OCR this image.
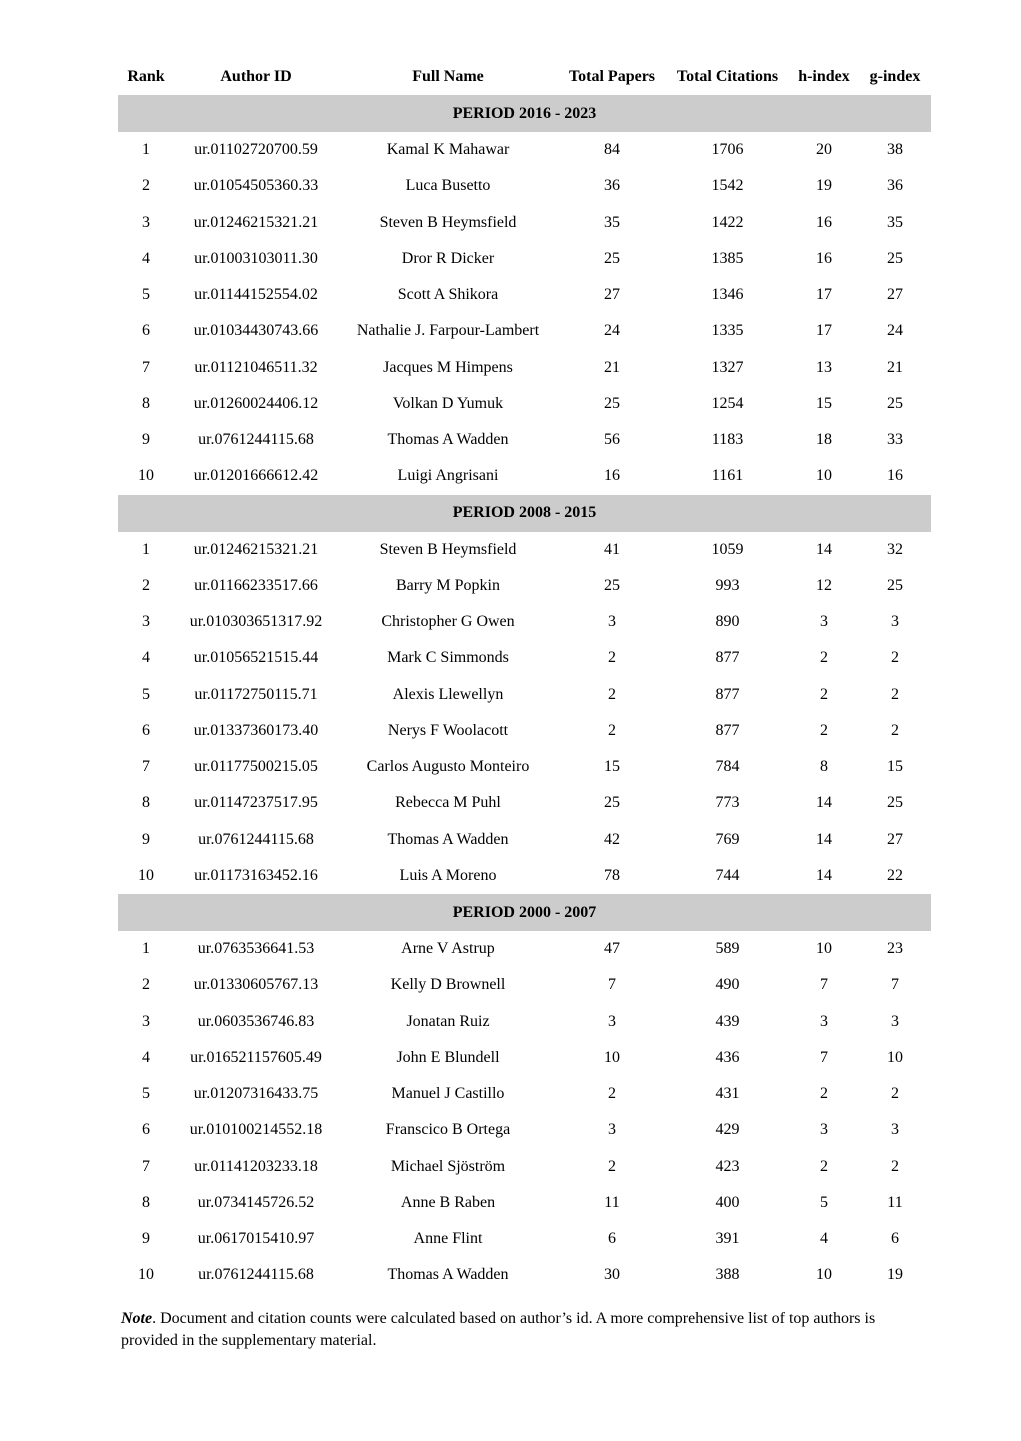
Rank	Author ID	Full Name	Total Papers	Total Citations	h-index	g-index
PERIOD 2016 - 2023						
1	ur.01102720700.59	Kamal K Mahawar	84	1706	20	38
2	ur.01054505360.33	Luca Busetto	36	1542	19	36
3	ur.01246215321.21	Steven B Heymsfield	35	1422	16	35
4	ur.01003103011.30	Dror R Dicker	25	1385	16	25
5	ur.01144152554.02	Scott A Shikora	27	1346	17	27
6	ur.01034430743.66	Nathalie J. Farpour-Lambert	24	1335	17	24
7	ur.01121046511.32	Jacques M Himpens	21	1327	13	21
8	ur.01260024406.12	Volkan D Yumuk	25	1254	15	25
9	ur.0761244115.68	Thomas A Wadden	56	1183	18	33
10	ur.01201666612.42	Luigi Angrisani	16	1161	10	16
PERIOD 2008 - 2015						
1	ur.01246215321.21	Steven B Heymsfield	41	1059	14	32
2	ur.01166233517.66	Barry M Popkin	25	993	12	25
3	ur.010303651317.92	Christopher G Owen	3	890	3	3
4	ur.01056521515.44	Mark C Simmonds	2	877	2	2
5	ur.01172750115.71	Alexis Llewellyn	2	877	2	2
6	ur.01337360173.40	Nerys F Woolacott	2	877	2	2
7	ur.01177500215.05	Carlos Augusto Monteiro	15	784	8	15
8	ur.01147237517.95	Rebecca M Puhl	25	773	14	25
9	ur.0761244115.68	Thomas A Wadden	42	769	14	27
10	ur.01173163452.16	Luis A Moreno	78	744	14	22
PERIOD 2000 - 2007						
1	ur.0763536641.53	Arne V Astrup	47	589	10	23
2	ur.01330605767.13	Kelly D Brownell	7	490	7	7
3	ur.0603536746.83	Jonatan Ruiz	3	439	3	3
4	ur.016521157605.49	John E Blundell	10	436	7	10
5	ur.01207316433.75	Manuel J Castillo	2	431	2	2
6	ur.010100214552.18	Franscico B Ortega	3	429	3	3
7	ur.01141203233.18	Michael Sjöström	2	423	2	2
8	ur.0734145726.52	Anne B Raben	11	400	5	11
9	ur.0617015410.97	Anne Flint	6	391	4	6
10	ur.0761244115.68	Thomas A Wadden	30	388	10	19

Note. Document and citation counts were calculated based on author’s id. A more comprehensive list of top authors is provided in the supplementary material.
